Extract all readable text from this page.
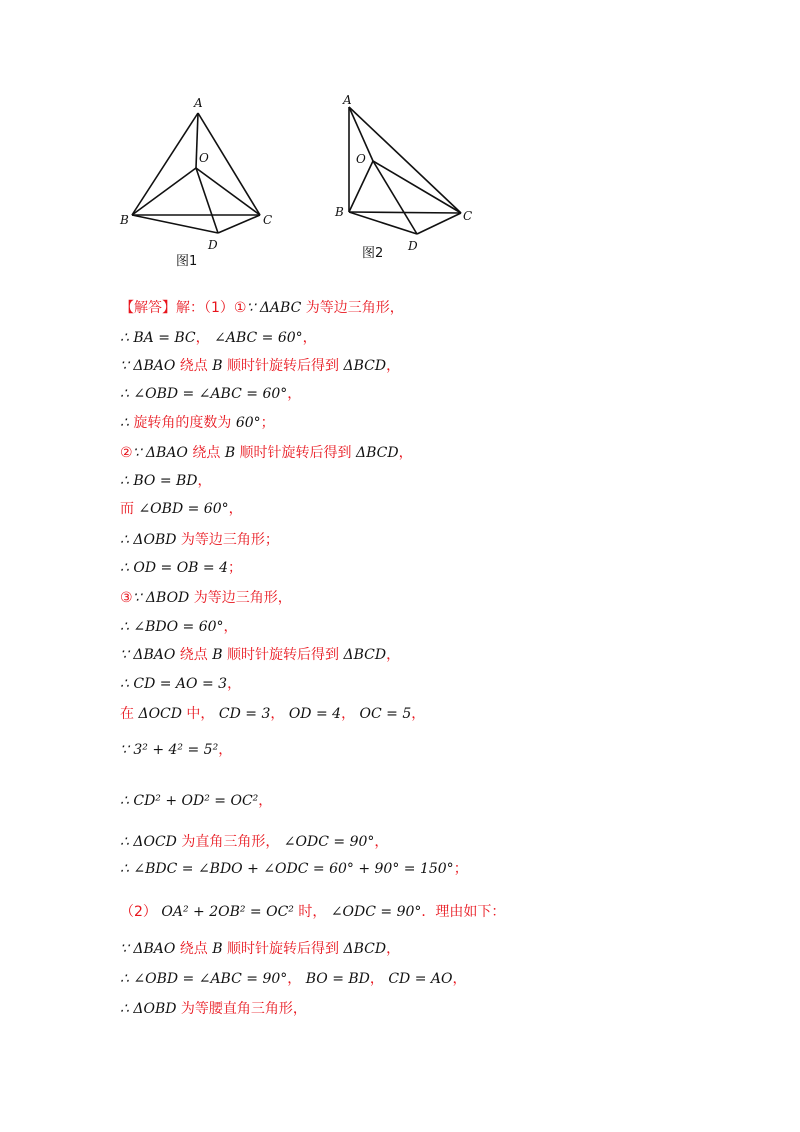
A
O
B	C
D
图1
A
O
B	C
D
图2
【解答】解：（1）①∵ ΔABC 为等边三角形，
∴ BA = BC， ∠ABC = 60°，
∵ ΔBAO 绕点 B 顺时针旋转后得到 ΔBCD，
∴ ∠OBD = ∠ABC = 60°，
∴ 旋转角的度数为 60°；
②∵ ΔBAO 绕点 B 顺时针旋转后得到 ΔBCD，
∴ BO = BD，
而 ∠OBD = 60°，
∴ ΔOBD 为等边三角形；
∴ OD = OB = 4；
③∵ ΔBOD 为等边三角形，
∴ ∠BDO = 60°，
∵ ΔBAO 绕点 B 顺时针旋转后得到 ΔBCD，
∴ CD = AO = 3，
在 ΔOCD 中， CD = 3， OD = 4， OC = 5，
∵ 3² + 4² = 5²，
∴ CD² + OD² = OC²，
∴ ΔOCD 为直角三角形， ∠ODC = 90°，
∴ ∠BDC = ∠BDO + ∠ODC = 60° + 90° = 150°；
（2） OA² + 2OB² = OC² 时， ∠ODC = 90°．理由如下：
∵ ΔBAO 绕点 B 顺时针旋转后得到 ΔBCD，
∴ ∠OBD = ∠ABC = 90°， BO = BD， CD = AO，
∴ ΔOBD 为等腰直角三角形，
